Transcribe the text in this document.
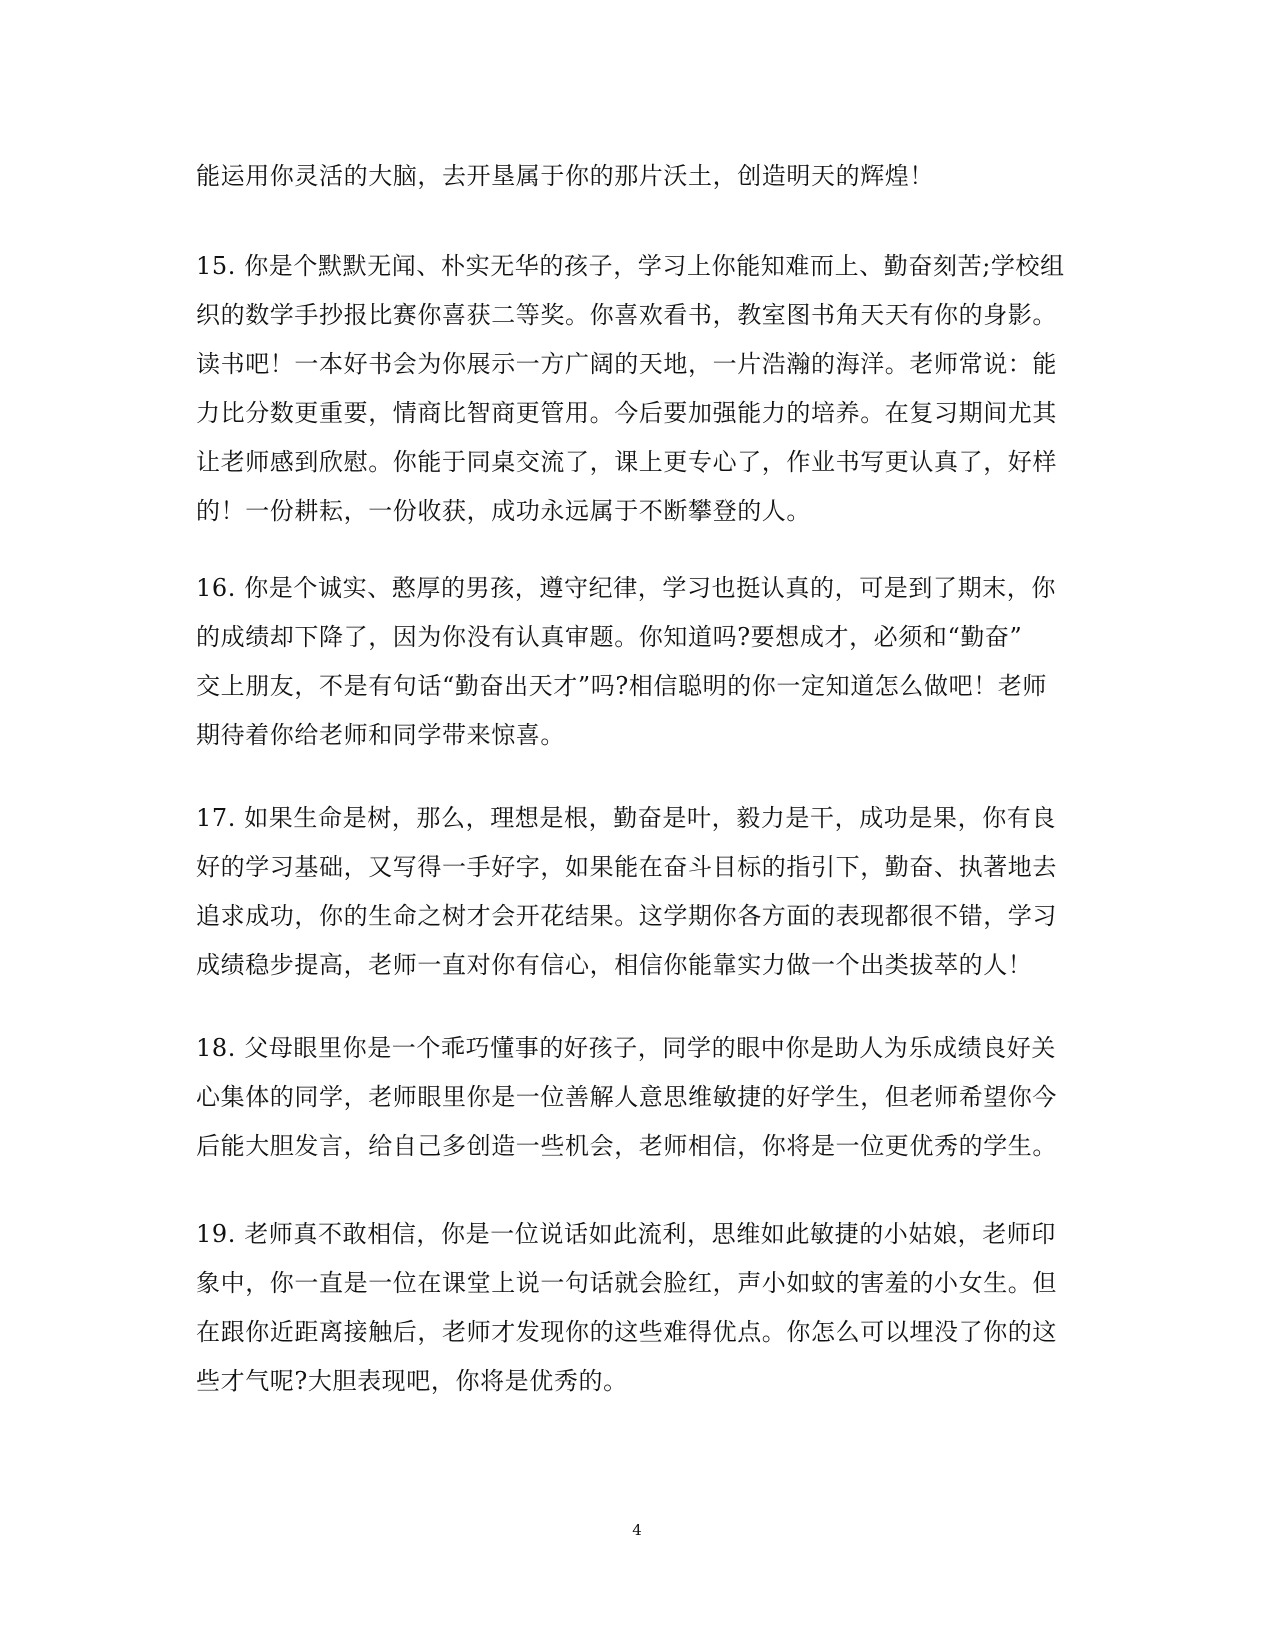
能运用你灵活的大脑，去开垦属于你的那片沃土，创造明天的辉煌！
15. 你是个默默无闻、朴实无华的孩子，学习上你能知难而上、勤奋刻苦;学校组
织的数学手抄报比赛你喜获二等奖。你喜欢看书，教室图书角天天有你的身影。
读书吧！一本好书会为你展示一方广阔的天地，一片浩瀚的海洋。老师常说：能
力比分数更重要，情商比智商更管用。今后要加强能力的培养。在复习期间尤其
让老师感到欣慰。你能于同桌交流了，课上更专心了，作业书写更认真了，好样
的！一份耕耘，一份收获，成功永远属于不断攀登的人。
16. 你是个诚实、憨厚的男孩，遵守纪律，学习也挺认真的，可是到了期末，你
的成绩却下降了，因为你没有认真审题。你知道吗?要想成才，必须和“勤奋”
交上朋友，不是有句话“勤奋出天才”吗?相信聪明的你一定知道怎么做吧！老师
期待着你给老师和同学带来惊喜。
17. 如果生命是树，那么，理想是根，勤奋是叶，毅力是干，成功是果，你有良
好的学习基础，又写得一手好字，如果能在奋斗目标的指引下，勤奋、执著地去
追求成功，你的生命之树才会开花结果。这学期你各方面的表现都很不错，学习
成绩稳步提高，老师一直对你有信心，相信你能靠实力做一个出类拔萃的人！
18. 父母眼里你是一个乖巧懂事的好孩子，同学的眼中你是助人为乐成绩良好关
心集体的同学，老师眼里你是一位善解人意思维敏捷的好学生，但老师希望你今
后能大胆发言，给自己多创造一些机会，老师相信，你将是一位更优秀的学生。
19. 老师真不敢相信，你是一位说话如此流利，思维如此敏捷的小姑娘，老师印
象中，你一直是一位在课堂上说一句话就会脸红，声小如蚊的害羞的小女生。但
在跟你近距离接触后，老师才发现你的这些难得优点。你怎么可以埋没了你的这
些才气呢?大胆表现吧，你将是优秀的。
4
